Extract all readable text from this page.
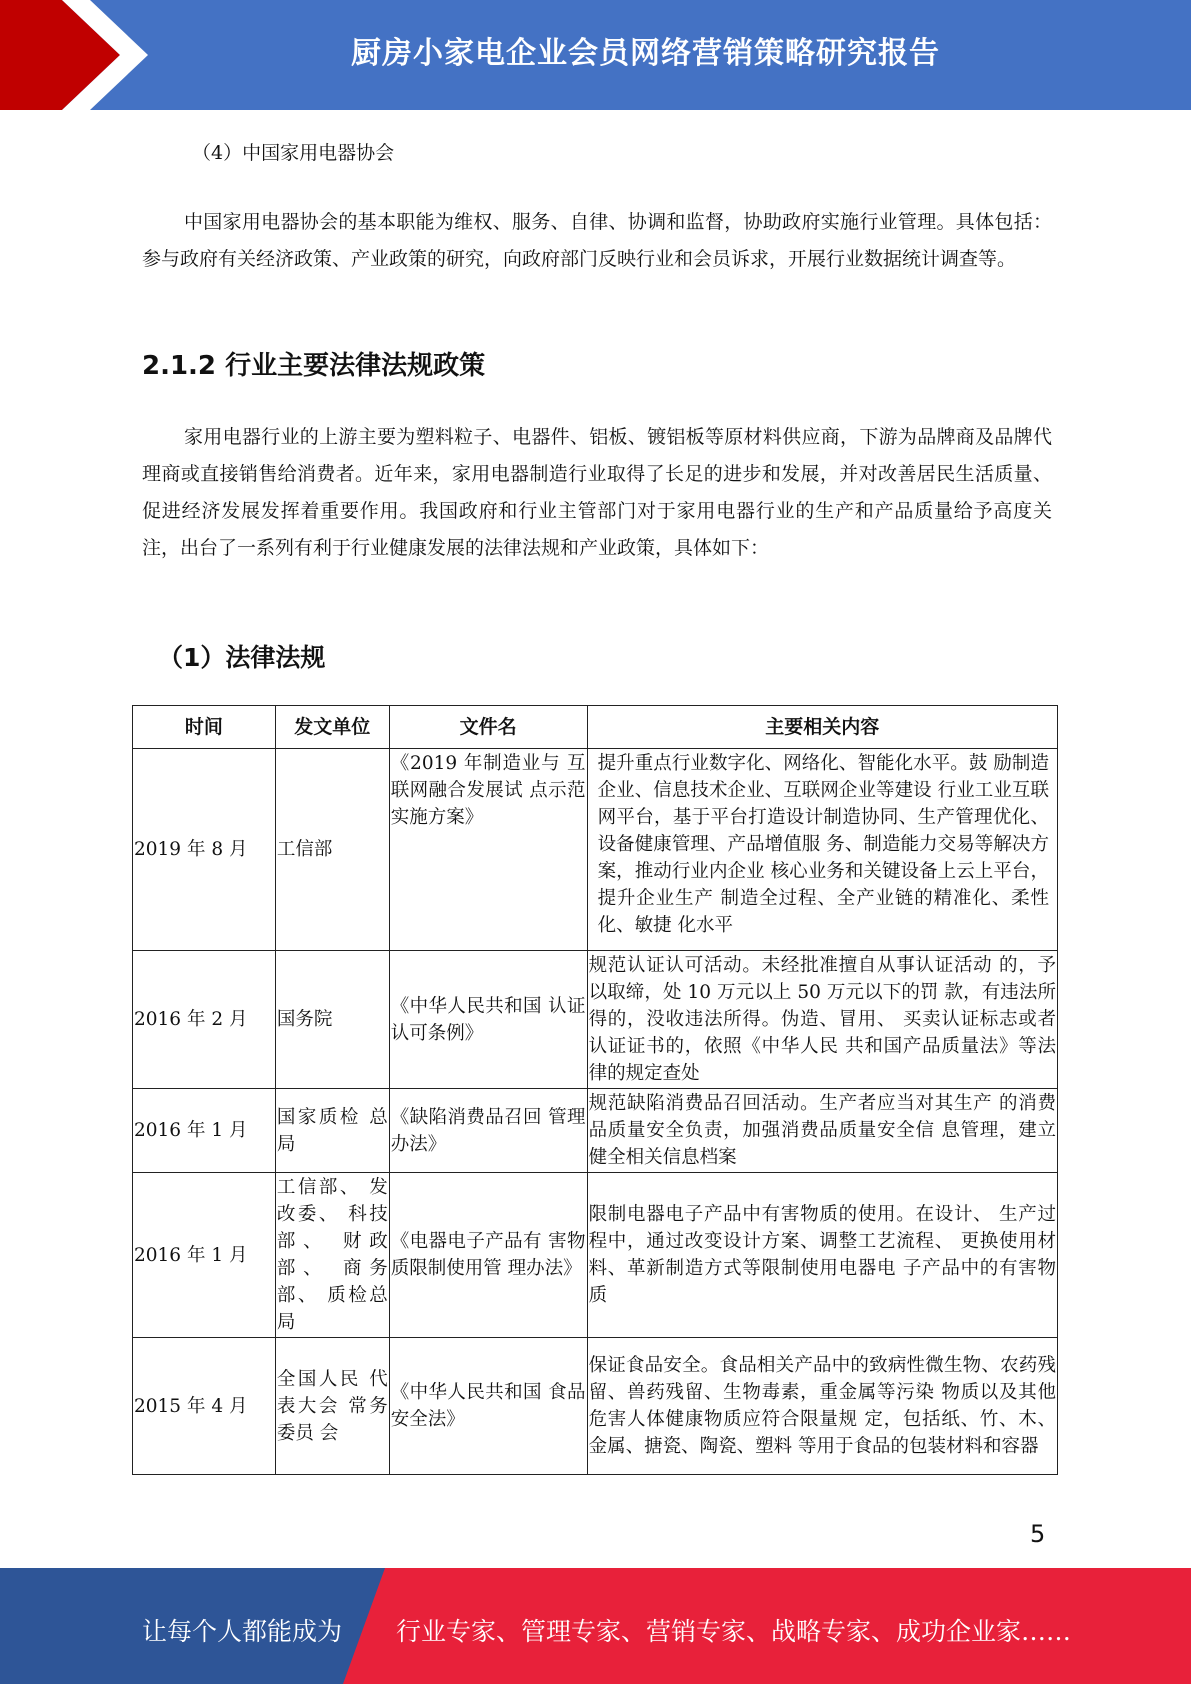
厨房小家电企业会员网络营销策略研究报告
（4）中国家用电器协会
中国家用电器协会的基本职能为维权、服务、自律、协调和监督，协助政府实施行业管理。具体包括：参与政府有关经济政策、产业政策的研究，向政府部门反映行业和会员诉求，开展行业数据统计调查等。
2.1.2 行业主要法律法规政策
家用电器行业的上游主要为塑料粒子、电器件、铝板、镀铝板等原材料供应商，下游为品牌商及品牌代理商或直接销售给消费者。近年来，家用电器制造行业取得了长足的进步和发展，并对改善居民生活质量、促进经济发展发挥着重要作用。我国政府和行业主管部门对于家用电器行业的生产和产品质量给予高度关注，出台了一系列有利于行业健康发展的法律法规和产业政策，具体如下：
（1）法律法规
时间	发文单位	文件名	主要相关内容
2019 年 8 月	工信部	《2019 年制造业与 互联网融合发展试 点示范实施方案》	提升重点行业数字化、网络化、智能化水平。鼓 励制造企业、信息技术企业、互联网企业等建设 行业工业互联网平台，基于平台打造设计制造协同、生产管理优化、设备健康管理、产品增值服 务、制造能力交易等解决方案，推动行业内企业 核心业务和关键设备上云上平台，提升企业生产 制造全过程、全产业链的精准化、柔性化、敏捷 化水平
2016 年 2 月	国务院	《中华人民共和国 认证认可条例》	规范认证认可活动。未经批准擅自从事认证活动 的，予以取缔，处 10 万元以上 50 万元以下的罚 款，有违法所得的，没收违法所得。伪造、冒用、 买卖认证标志或者认证证书的，依照《中华人民 共和国产品质量法》等法律的规定查处
2016 年 1 月	国家质检 总局	《缺陷消费品召回 管理办法》	规范缺陷消费品召回活动。生产者应当对其生产 的消费品质量安全负责，加强消费品质量安全信 息管理，建立健全相关信息档案
2016 年 1 月	工信部、 发改委、 科技部、 财政部、 商务部、 质检总局	《电器电子产品有 害物质限制使用管 理办法》	限制电器电子产品中有害物质的使用。在设计、 生产过程中，通过改变设计方案、调整工艺流程、 更换使用材料、革新制造方式等限制使用电器电 子产品中的有害物质
2015 年 4 月	全国人民 代表大会 常务委员 会	《中华人民共和国 食品安全法》	保证食品安全。食品相关产品中的致病性微生物、农药残留、兽药残留、生物毒素，重金属等污染 物质以及其他危害人体健康物质应符合限量规 定，包括纸、竹、木、金属、搪瓷、陶瓷、塑料 等用于食品的包装材料和容器
5
让每个人都能成为 行业专家、管理专家、营销专家、战略专家、成功企业家……
